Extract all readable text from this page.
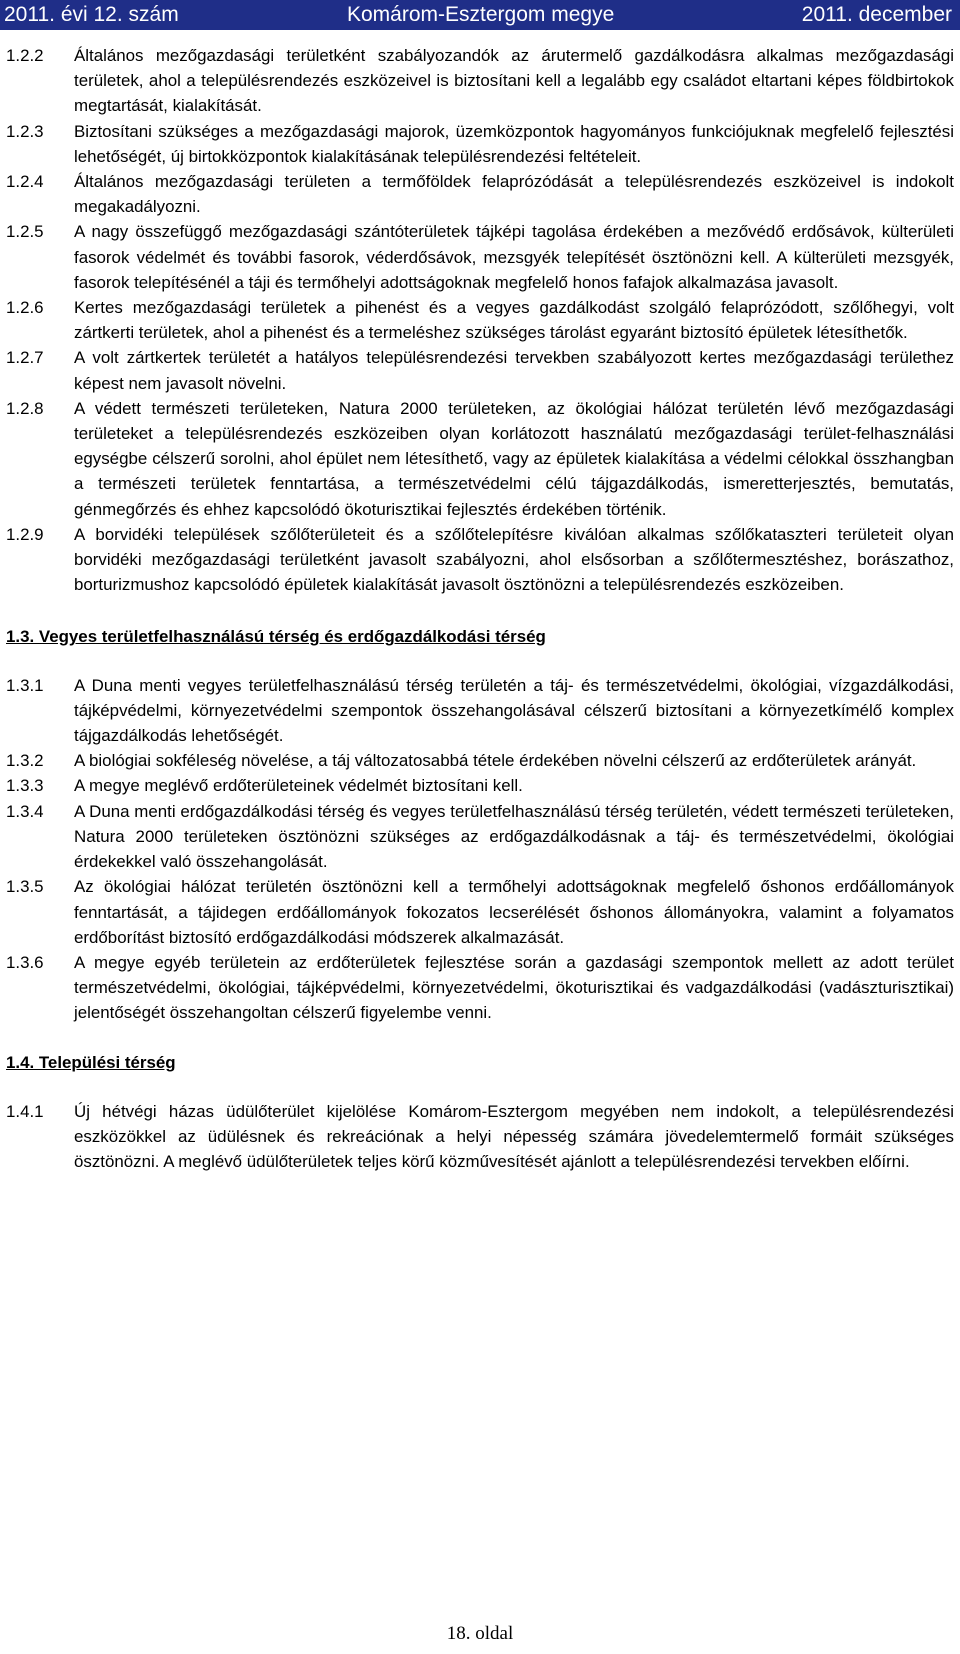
2011. évi 12. szám	Komárom-Esztergom megye	2011. december
1.2.2	Általános mezőgazdasági területként szabályozandók az árutermelő gazdálkodásra alkalmas mezőgazdasági területek, ahol a településrendezés eszközeivel is biztosítani kell a legalább egy családot eltartani képes földbirtokok megtartását, kialakítását.
1.2.3	Biztosítani szükséges a mezőgazdasági majorok, üzemközpontok hagyományos funkciójuknak megfelelő fejlesztési lehetőségét, új birtokközpontok kialakításának településrendezési feltételeit.
1.2.4	Általános mezőgazdasági területen a termőföldek felaprózódását a településrendezés eszközeivel is indokolt megakadályozni.
1.2.5	A nagy összefüggő mezőgazdasági szántóterületek tájképi tagolása érdekében a mezővédő erdősávok, külterületi fasorok védelmét és további fasorok, véderdősávok, mezsgyék telepítését ösztönözni kell. A külterületi mezsgyék, fasorok telepítésénél a táji és termőhelyi adottságoknak megfelelő honos fafajok alkalmazása javasolt.
1.2.6	Kertes mezőgazdasági területek a pihenést és a vegyes gazdálkodást szolgáló felaprózódott, szőlőhegyi, volt zártkerti területek, ahol a pihenést és a termeléshez szükséges tárolást egyaránt biztosító épületek létesíthetők.
1.2.7	A volt zártkertek területét a hatályos településrendezési tervekben szabályozott kertes mezőgazdasági területhez képest nem javasolt növelni.
1.2.8	A védett természeti területeken, Natura 2000 területeken, az ökológiai hálózat területén lévő mezőgazdasági területeket a településrendezés eszközeiben olyan korlátozott használatú mezőgazdasági terület-felhasználási egységbe célszerű sorolni, ahol épület nem létesíthető, vagy az épületek kialakítása a védelmi célokkal összhangban a természeti területek fenntartása, a természetvédelmi célú tájgazdálkodás, ismeretterjesztés, bemutatás, génmegőrzés és ehhez kapcsolódó ökoturisztikai fejlesztés érdekében történik.
1.2.9	A borvidéki települések szőlőterületeit és a szőlőtelepítésre kiválóan alkalmas szőlőkataszteri területeit olyan borvidéki mezőgazdasági területként javasolt szabályozni, ahol elsősorban a szőlőtermesztéshez, borászathoz, borturizmushoz kapcsolódó épületek kialakítását javasolt ösztönözni a településrendezés eszközeiben.
1.3. Vegyes területfelhasználású térség és erdőgazdálkodási térség
1.3.1	A Duna menti vegyes területfelhasználású térség területén a táj- és természetvédelmi, ökológiai, vízgazdálkodási, tájképvédelmi, környezetvédelmi szempontok összehangolásával célszerű biztosítani a környezetkímélő komplex tájgazdálkodás lehetőségét.
1.3.2	A biológiai sokféleség növelése, a táj változatosabbá tétele érdekében növelni célszerű az erdőterületek arányát.
1.3.3	A megye meglévő erdőterületeinek védelmét biztosítani kell.
1.3.4	A Duna menti erdőgazdálkodási térség és vegyes területfelhasználású térség területén, védett természeti területeken, Natura 2000 területeken ösztönözni szükséges az erdőgazdálkodásnak a táj- és természetvédelmi, ökológiai érdekekkel való összehangolását.
1.3.5	Az ökológiai hálózat területén ösztönözni kell a termőhelyi adottságoknak megfelelő őshonos erdőállományok fenntartását, a tájidegen erdőállományok fokozatos lecserélését őshonos állományokra, valamint a folyamatos erdőborítást biztosító erdőgazdálkodási módszerek alkalmazását.
1.3.6	A megye egyéb területein az erdőterületek fejlesztése során a gazdasági szempontok mellett az adott terület természetvédelmi, ökológiai, tájképvédelmi, környezetvédelmi, ökoturisztikai és vadgazdálkodási (vadászturisztikai) jelentőségét összehangoltan célszerű figyelembe venni.
1.4. Települési térség
1.4.1	Új hétvégi házas üdülőterület kijelölése Komárom-Esztergom megyében nem indokolt, a településrendezési eszközökkel az üdülésnek és rekreációnak a helyi népesség számára jövedelemtermelő formáit szükséges ösztönözni. A meglévő üdülőterületek teljes körű közművesítését ajánlott a településrendezési tervekben előírni.
18. oldal
